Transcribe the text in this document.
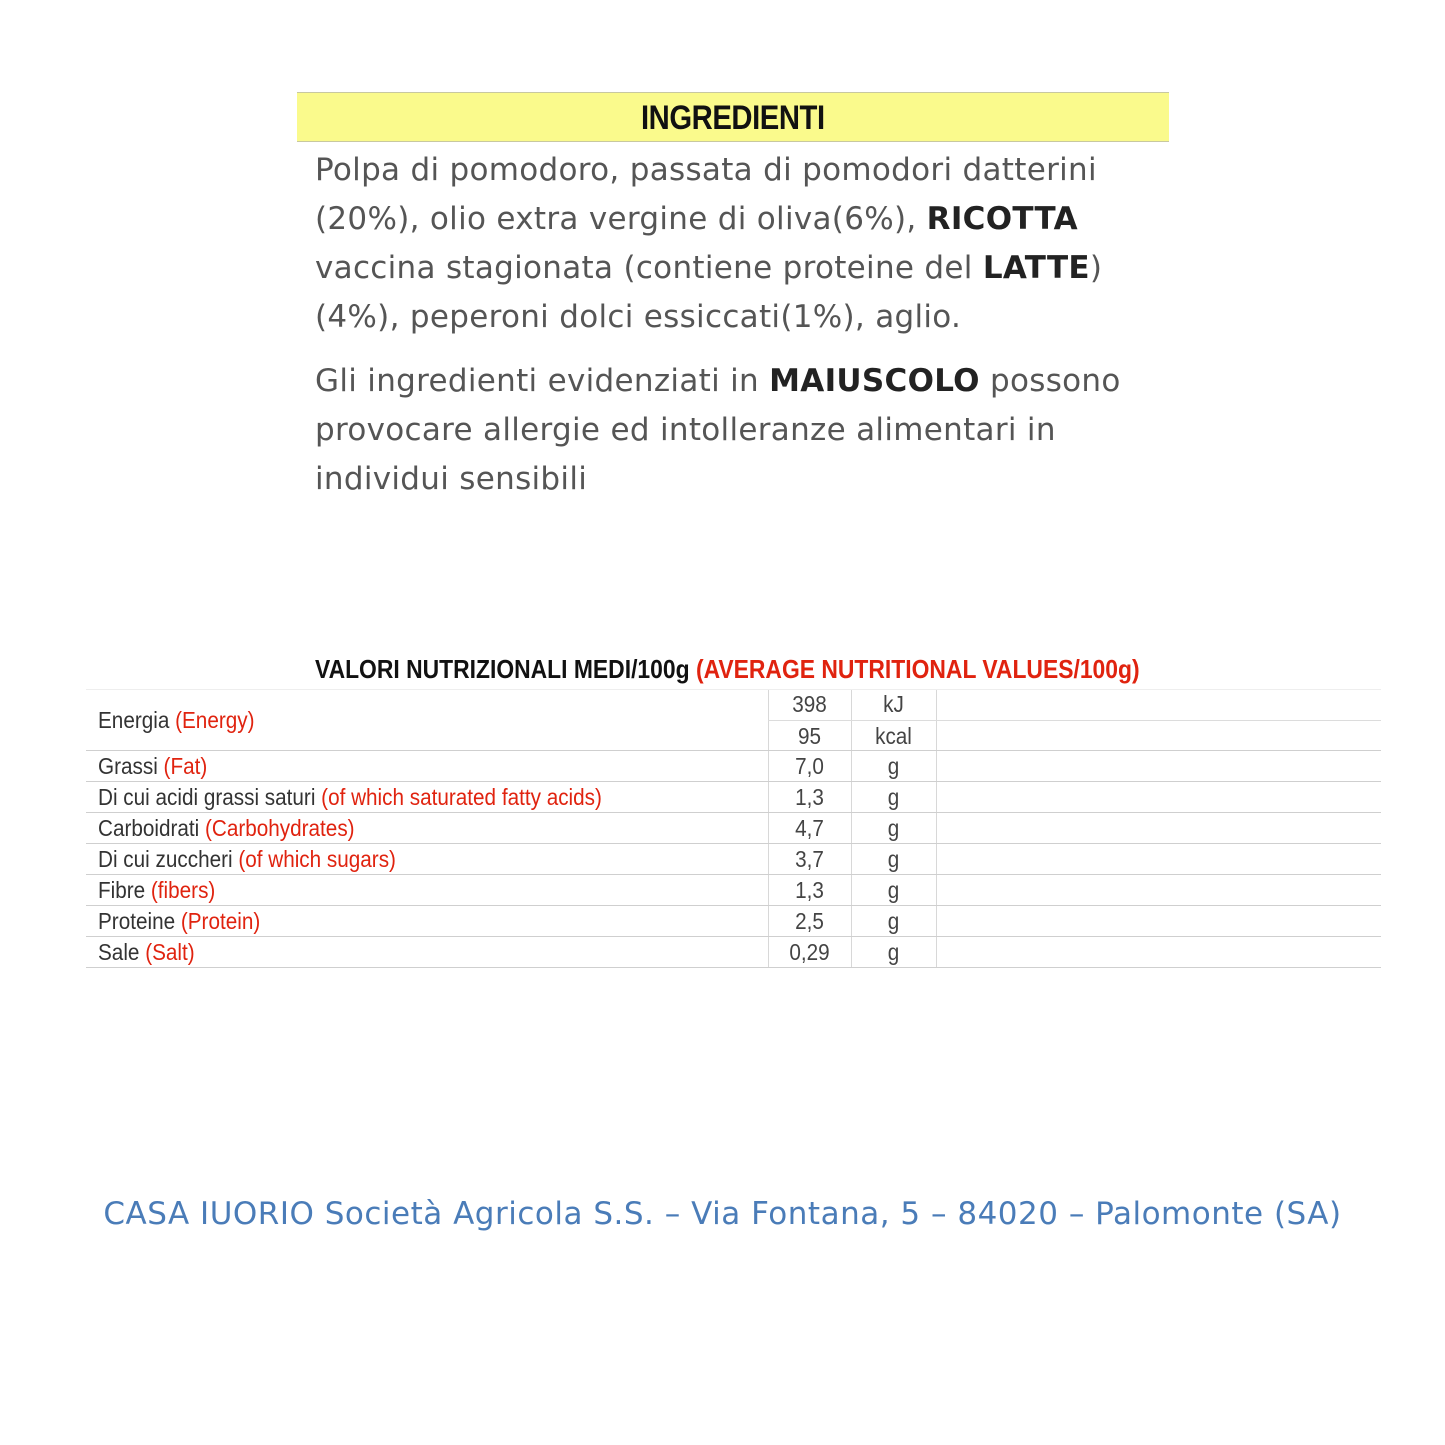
INGREDIENTI

Polpa di pomodoro, passata di pomodori datterini (20%), olio extra vergine di oliva(6%), RICOTTA vaccina stagionata (contiene proteine del LATTE)(4%), peperoni dolci essiccati(1%), aglio.

Gli ingredienti evidenziati in MAIUSCOLO possono provocare allergie ed intolleranze alimentari in individui sensibili

VALORI NUTRIZIONALI MEDI/100g (AVERAGE NUTRITIONAL VALUES/100g)
Energia (Energy)
398	kJ
95	kcal
Grassi (Fat)	7,0	g
Di cui acidi grassi saturi (of which saturated fatty acids)	1,3	g
Carboidrati (Carbohydrates)	4,7	g
Di cui zuccheri (of which sugars)	3,7	g
Fibre (fibers)	1,3	g
Proteine (Protein)	2,5	g
Sale (Salt)	0,29	g
CASA IUORIO Società Agricola S.S. – Via Fontana, 5 – 84020 – Palomonte (SA)
